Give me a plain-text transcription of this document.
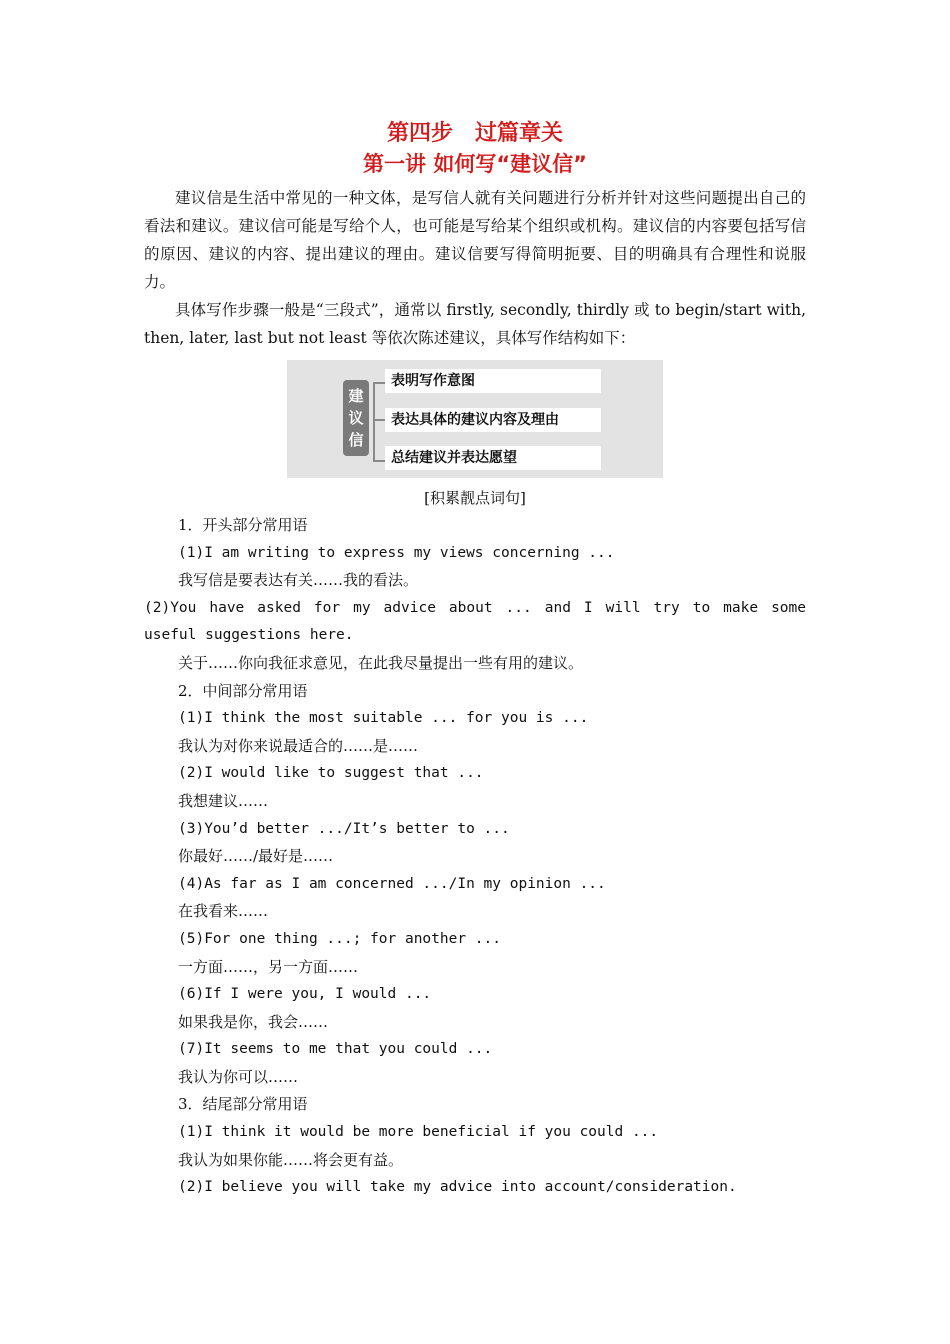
第四步　过篇章关
第一讲 如何写“建议信”

建议信是生活中常见的一种文体，是写信人就有关问题进行分析并针对这些问题提出自己的看法和建议。建议信可能是写给个人，也可能是写给某个组织或机构。建议信的内容要包括写信的原因、建议的内容、提出建议的理由。建议信要写得简明扼要、目的明确具有合理性和说服力。

具体写作步骤一般是“三段式”，通常以 firstly, secondly, thirdly 或 to begin/start with, then, later, last but not least 等依次陈述建议，具体写作结构如下：

建
议
信
表明写作意图
表达具体的建议内容及理由
总结建议并表达愿望
[积累靓点词句]

1．开头部分常用语

(1)I am writing to express my views concerning ...

我写信是要表达有关……我的看法。

(2)You have asked for my advice about ... and I will try to make some useful suggestions here.

关于……你向我征求意见，在此我尽量提出一些有用的建议。

2．中间部分常用语

(1)I think the most suitable ... for you is ...

我认为对你来说最适合的……是……

(2)I would like to suggest that ...

我想建议……

(3)You’d better .../It’s better to ...

你最好……/最好是……

(4)As far as I am concerned .../In my opinion ...

在我看来……

(5)For one thing ...; for another ...

一方面……，另一方面……

(6)If I were you, I would ...

如果我是你，我会……

(7)It seems to me that you could ...

我认为你可以……

3．结尾部分常用语

(1)I think it would be more beneficial if you could ...

我认为如果你能……将会更有益。

(2)I believe you will take my advice into account/consideration.
